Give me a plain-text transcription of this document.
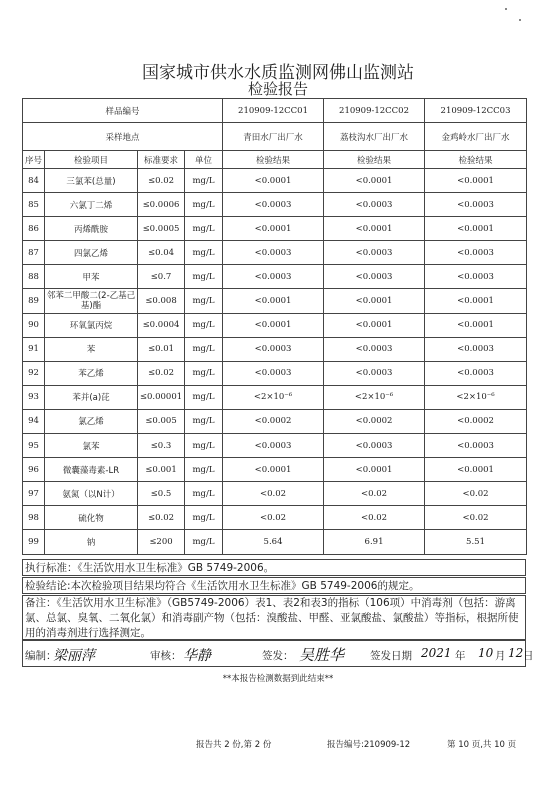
国家城市供水水质监测网佛山监测站
检验报告
样品编号				210909-12CC01	210909-12CC02	210909-12CC03
采样地点				青田水厂出厂水	荔枝沟水厂出厂水	金鸡岭水厂出厂水
序号	检验项目	标准要求	单位	检验结果	检验结果	检验结果
84	三氯苯(总量)	≤0.02	mg/L	<0.0001	<0.0001	<0.0001
85	六氯丁二烯	≤0.0006	mg/L	<0.0003	<0.0003	<0.0003
86	丙烯酰胺	≤0.0005	mg/L	<0.0001	<0.0001	<0.0001
87	四氯乙烯	≤0.04	mg/L	<0.0003	<0.0003	<0.0003
88	甲苯	≤0.7	mg/L	<0.0003	<0.0003	<0.0003
89	邻苯二甲酸二(2-乙基己基)酯	≤0.008	mg/L	<0.0001	<0.0001	<0.0001
90	环氧氯丙烷	≤0.0004	mg/L	<0.0001	<0.0001	<0.0001
91	苯	≤0.01	mg/L	<0.0003	<0.0003	<0.0003
92	苯乙烯	≤0.02	mg/L	<0.0003	<0.0003	<0.0003
93	苯并(a)芘	≤0.00001	mg/L	<2×10⁻⁶	<2×10⁻⁶	<2×10⁻⁶
94	氯乙烯	≤0.005	mg/L	<0.0002	<0.0002	<0.0002
95	氯苯	≤0.3	mg/L	<0.0003	<0.0003	<0.0003
96	微囊藻毒素-LR	≤0.001	mg/L	<0.0001	<0.0001	<0.0001
97	氨氮（以N计）	≤0.5	mg/L	<0.02	<0.02	<0.02
98	硫化物	≤0.02	mg/L	<0.02	<0.02	<0.02
99	钠	≤200	mg/L	5.64	6.91	5.51
执行标准：《生活饮用水卫生标准》GB 5749-2006。
检验结论:本次检验项目结果均符合《生活饮用水卫生标准》GB 5749-2006的规定。
备注：《生活饮用水卫生标准》（GB5749-2006）表1、表2和表3的指标（106项）中消毒剂（包括：游离氯、总氯、臭氧、二氧化氯）和消毒副产物（包括：溴酸盐、甲醛、亚氯酸盐、氯酸盐）等指标，根据所使用的消毒剂进行选择测定。
编制：
梁丽萍	审核： 华静	签发： 吴胜华 签发日期 2021 年 10 月 12 日
**本报告检测数据到此结束**
报告共 2 份,第 2 份	报告编号:210909-12	第 10 页,共 10 页
